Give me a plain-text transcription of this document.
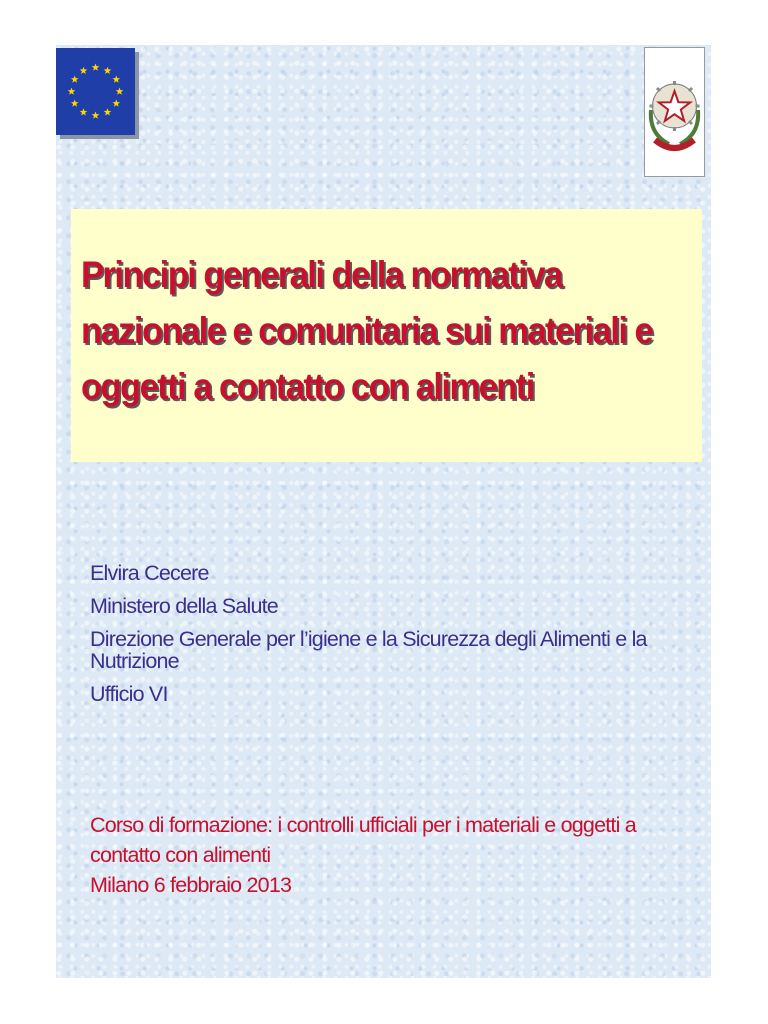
Principi generali della normativa nazionale e comunitaria sui materiali e oggetti a contatto con alimenti
Elvira Cecere
Ministero della Salute
Direzione Generale per l’igiene e la Sicurezza degli Alimenti e la Nutrizione
Ufficio VI
Corso di formazione: i controlli ufficiali per i materiali e oggetti a contatto con alimenti
Milano 6 febbraio 2013
